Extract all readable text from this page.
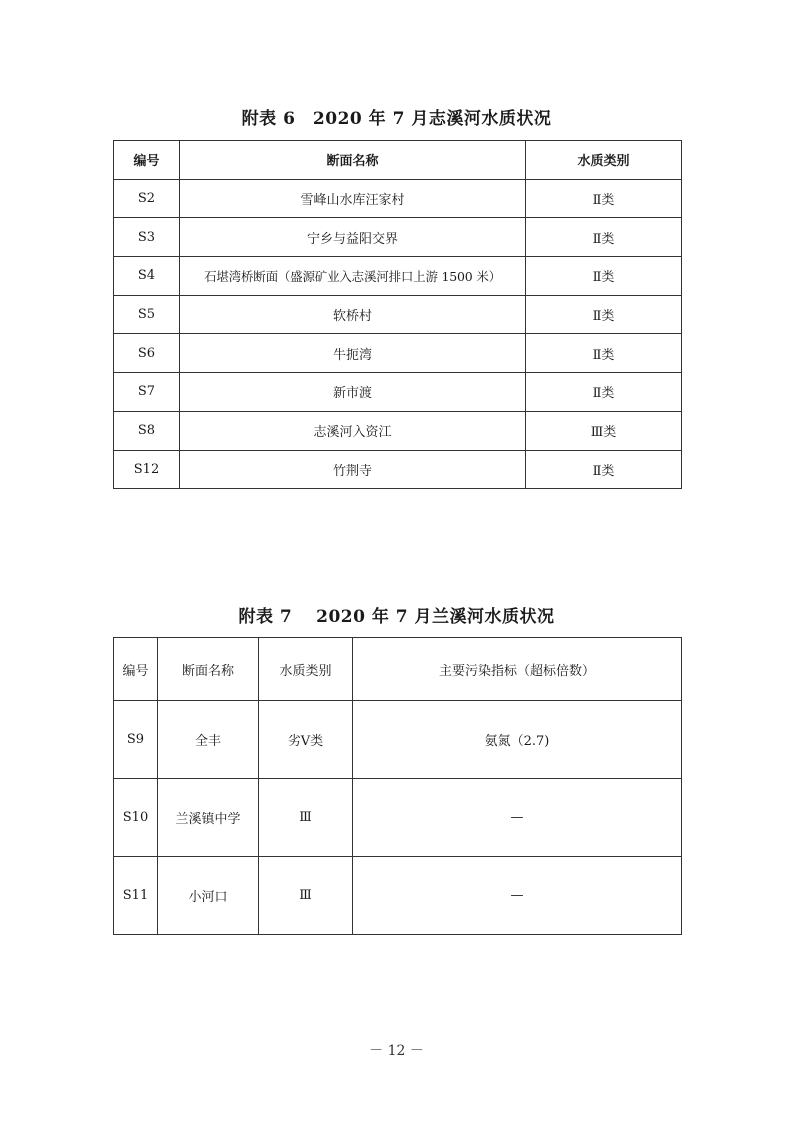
附表 6　2020 年 7 月志溪河水质状况
编号	断面名称	水质类别
S2	雪峰山水库汪家村	Ⅱ类
S3	宁乡与益阳交界	Ⅱ类
S4	石堪湾桥断面（盛源矿业入志溪河排口上游 1500 米）	Ⅱ类
S5	软桥村	Ⅱ类
S6	牛扼湾	Ⅱ类
S7	新市渡	Ⅱ类
S8	志溪河入资江	Ⅲ类
S12	竹荆寺	Ⅱ类
附表 7　 2020 年 7 月兰溪河水质状况
编号	断面名称	水质类别	主要污染指标（超标倍数）
S9	全丰	劣Ⅴ类	氨氮（2.7)
S10	兰溪镇中学	Ⅲ	—
S11	小河口	Ⅲ	—
－ 12 －
